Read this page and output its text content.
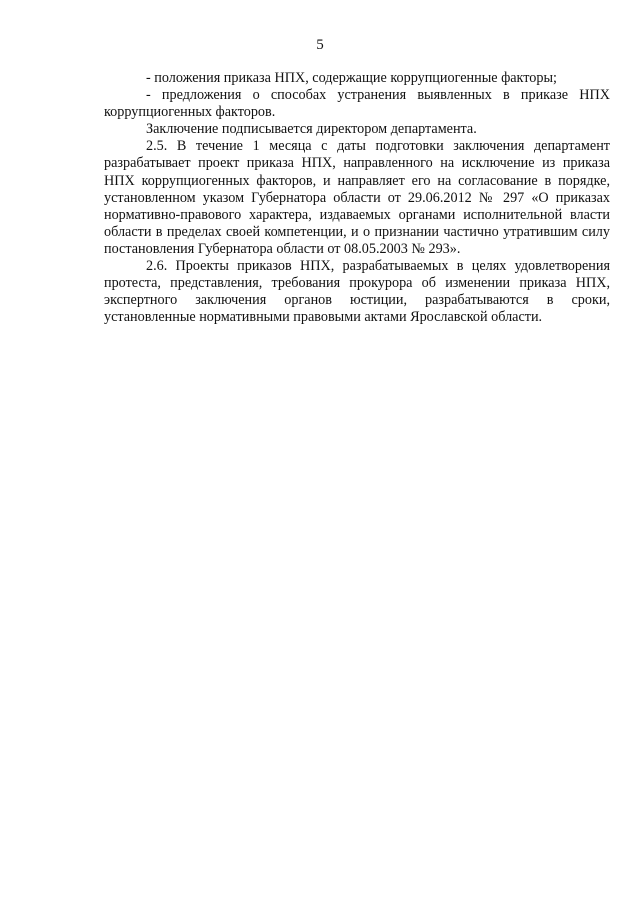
5

- положения приказа НПХ, содержащие коррупциогенные факторы;

- предложения о способах устранения выявленных в приказе НПХ коррупциогенных факторов.

Заключение подписывается директором департамента.

2.5. В течение 1 месяца с даты подготовки заключения департамент разрабатывает проект приказа НПХ, направленного на исключение из приказа НПХ коррупциогенных факторов, и направляет его на согласование в порядке, установленном указом Губернатора области от 29.06.2012 № 297 «О приказах нормативно-правового характера, издаваемых органами исполнительной власти области в пределах своей компетенции, и о признании частично утратившим силу постановления Губернатора области от 08.05.2003 № 293».

2.6. Проекты приказов НПХ, разрабатываемых в целях удовлетворения протеста, представления, требования прокурора об изменении приказа НПХ, экспертного заключения органов юстиции, разрабатываются в сроки, установленные нормативными правовыми актами Ярославской области.
